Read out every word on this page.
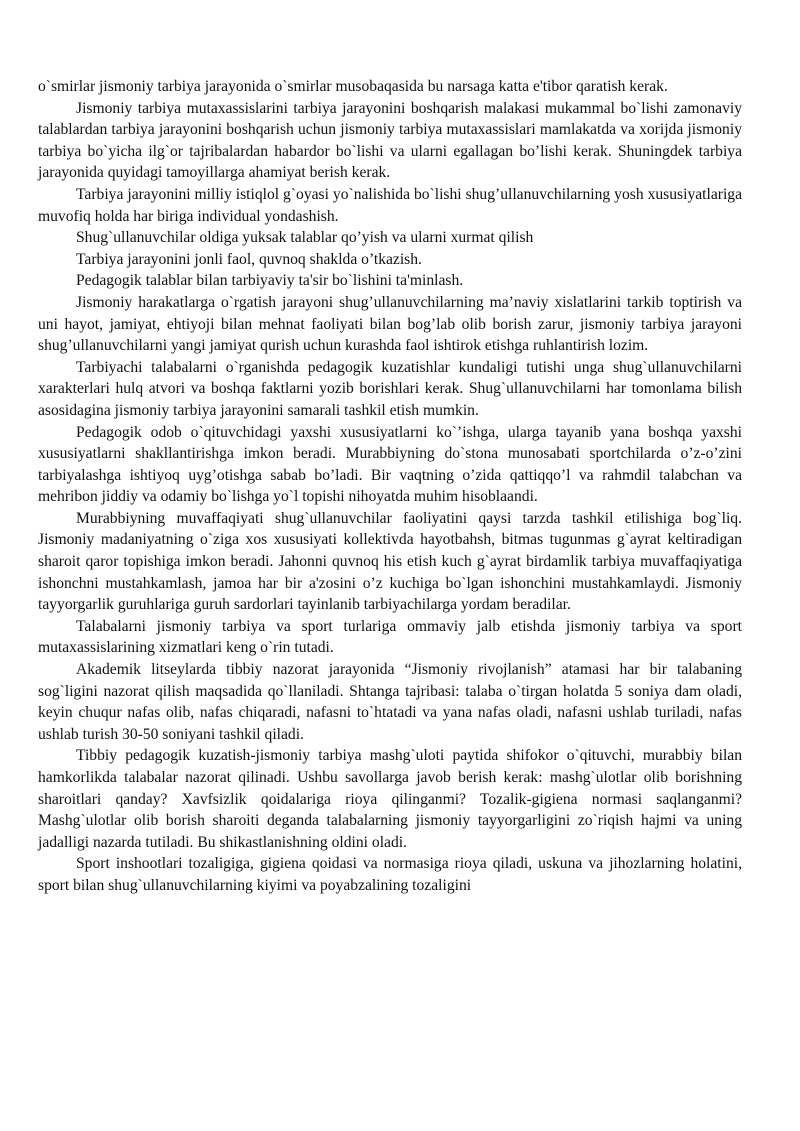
o`smirlar jismoniy tarbiya jarayonida o`smirlar musobaqasida bu narsaga katta e'tibor qaratish kerak.

Jismoniy tarbiya mutaxassislarini tarbiya jarayonini boshqarish malakasi mukammal bo`lishi zamonaviy talablardan tarbiya jarayonini boshqarish uchun jismoniy tarbiya mutaxassislari mamlakatda va xorijda jismoniy tarbiya bo`yicha ilg`or tajribalardan habardor bo`lishi va ularni egallagan bo’lishi kerak. Shuningdek tarbiya jarayonida quyidagi tamoyillarga ahamiyat berish kerak.

Tarbiya jarayonini milliy istiqlol g`oyasi yo`nalishida bo`lishi shug’ullanuvchilarning yosh xususiyatlariga muvofiq holda har biriga individual yondashish.

Shug`ullanuvchilar oldiga yuksak talablar qo’yish va ularni xurmat qilish

Tarbiya jarayonini jonli faol, quvnoq shaklda o’tkazish.

Pedagogik talablar bilan tarbiyaviy ta'sir bo`lishini ta'minlash.

Jismoniy harakatlarga o`rgatish jarayoni shug’ullanuvchilarning ma’naviy xislatlarini tarkib toptirish va uni hayot, jamiyat, ehtiyoji bilan mehnat faoliyati bilan bog’lab olib borish zarur, jismoniy tarbiya jarayoni shug’ullanuvchilarni yangi jamiyat qurish uchun kurashda faol ishtirok etishga ruhlantirish lozim.

Tarbiyachi talabalarni o`rganishda pedagogik kuzatishlar kundaligi tutishi unga shug`ullanuvchilarni xarakterlari hulq atvori va boshqa faktlarni yozib borishlari kerak. Shug`ullanuvchilarni har tomonlama bilish asosidagina jismoniy tarbiya jarayonini samarali tashkil etish mumkin.

Pedagogik odob o`qituvchidagi yaxshi xususiyatlarni ko`’ishga, ularga tayanib yana boshqa yaxshi xususiyatlarni shakllantirishga imkon beradi. Murabbiyning do`stona munosabati sportchilarda o’z-o’zini tarbiyalashga ishtiyoq uyg’otishga sabab bo’ladi. Bir vaqtning o’zida qattiqqo’l va rahmdil talabchan va mehribon jiddiy va odamiy bo`lishga yo`l topishi nihoyatda muhim hisoblaandi.

Murabbiyning muvaffaqiyati shug`ullanuvchilar faoliyatini qaysi tarzda tashkil etilishiga bog`liq. Jismoniy madaniyatning o`ziga xos xususiyati kollektivda hayotbahsh, bitmas tugunmas g`ayrat keltiradigan sharoit qaror topishiga imkon beradi. Jahonni quvnoq his etish kuch g`ayrat birdamlik tarbiya muvaffaqiyatiga ishonchni mustahkamlash, jamoa har bir a'zosini o’z kuchiga bo`lgan ishonchini mustahkamlaydi. Jismoniy tayyorgarlik guruhlariga guruh sardorlari tayinlanib tarbiyachilarga yordam beradilar.

Talabalarni jismoniy tarbiya va sport turlariga ommaviy jalb etishda jismoniy tarbiya va sport mutaxassislarining xizmatlari keng o`rin tutadi.

Akademik litseylarda tibbiy nazorat jarayonida “Jismoniy rivojlanish” atamasi har bir talabaning sog`ligini nazorat qilish maqsadida qo`llaniladi. Shtanga tajribasi: talaba o`tirgan holatda 5 soniya dam oladi, keyin chuqur nafas olib, nafas chiqaradi, nafasni to`htatadi va yana nafas oladi, nafasni ushlab turiladi, nafas ushlab turish 30-50 soniyani tashkil qiladi.

Tibbiy pedagogik kuzatish-jismoniy tarbiya mashg`uloti paytida shifokor o`qituvchi, murabbiy bilan hamkorlikda talabalar nazorat qilinadi. Ushbu savollarga javob berish kerak: mashg`ulotlar olib borishning sharoitlari qanday? Xavfsizlik qoidalariga rioya qilinganmi? Tozalik-gigiena normasi saqlanganmi? Mashg`ulotlar olib borish sharoiti deganda talabalarning jismoniy tayyorgarligini zo`riqish hajmi va uning jadalligi nazarda tutiladi. Bu shikastlanishning oldini oladi.

Sport inshootlari tozaligiga, gigiena qoidasi va normasiga rioya qiladi, uskuna va jihozlarning holatini, sport bilan shug`ullanuvchilarning kiyimi va poyabzalining tozaligini
